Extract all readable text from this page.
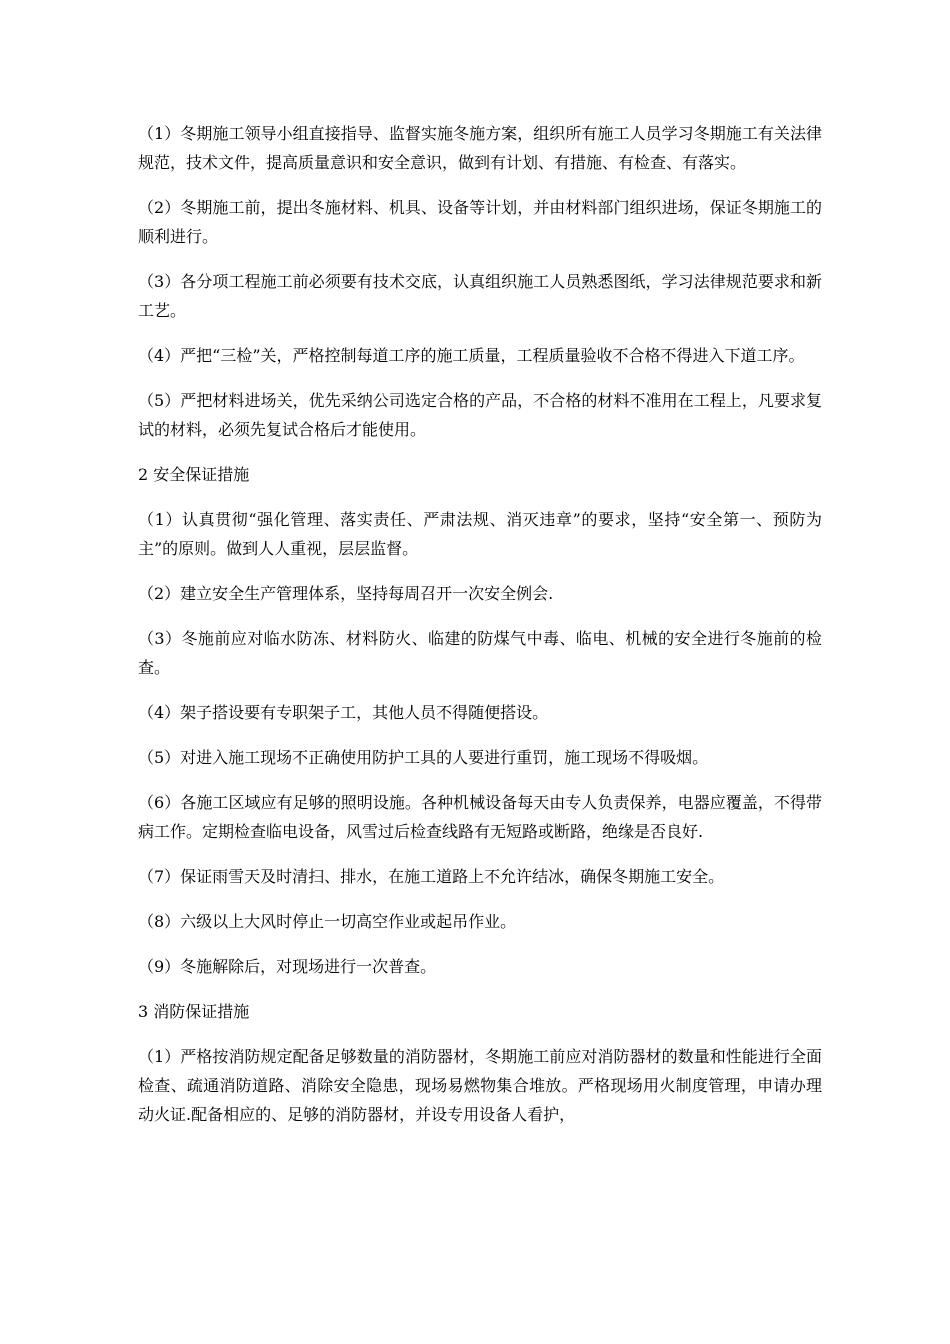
（1）冬期施工领导小组直接指导、监督实施冬施方案，组织所有施工人员学习冬期施工有关法律规范，技术文件，提高质量意识和安全意识，做到有计划、有措施、有检查、有落实。

（2）冬期施工前，提出冬施材料、机具、设备等计划，并由材料部门组织进场，保证冬期施工的顺利进行。

（3）各分项工程施工前必须要有技术交底，认真组织施工人员熟悉图纸，学习法律规范要求和新工艺。

（4）严把“三检”关，严格控制每道工序的施工质量，工程质量验收不合格不得进入下道工序。

（5）严把材料进场关，优先采纳公司选定合格的产品，不合格的材料不准用在工程上，凡要求复试的材料，必须先复试合格后才能使用。

2 安全保证措施

（1）认真贯彻“强化管理、落实责任、严肃法规、消灭违章”的要求，坚持“安全第一、预防为主”的原则。做到人人重视，层层监督。

（2）建立安全生产管理体系，坚持每周召开一次安全例会.

（3）冬施前应对临水防冻、材料防火、临建的防煤气中毒、临电、机械的安全进行冬施前的检查。

（4）架子搭设要有专职架子工，其他人员不得随便搭设。

（5）对进入施工现场不正确使用防护工具的人要进行重罚，施工现场不得吸烟。

（6）各施工区域应有足够的照明设施。各种机械设备每天由专人负责保养，电器应覆盖，不得带病工作。定期检查临电设备，风雪过后检查线路有无短路或断路，绝缘是否良好.

（7）保证雨雪天及时清扫、排水，在施工道路上不允许结冰，确保冬期施工安全。

（8）六级以上大风时停止一切高空作业或起吊作业。

（9）冬施解除后，对现场进行一次普查。

3 消防保证措施

（1）严格按消防规定配备足够数量的消防器材，冬期施工前应对消防器材的数量和性能进行全面检查、疏通消防道路、消除安全隐患，现场易燃物集合堆放。严格现场用火制度管理，申请办理动火证.配备相应的、足够的消防器材，并设专用设备人看护，
